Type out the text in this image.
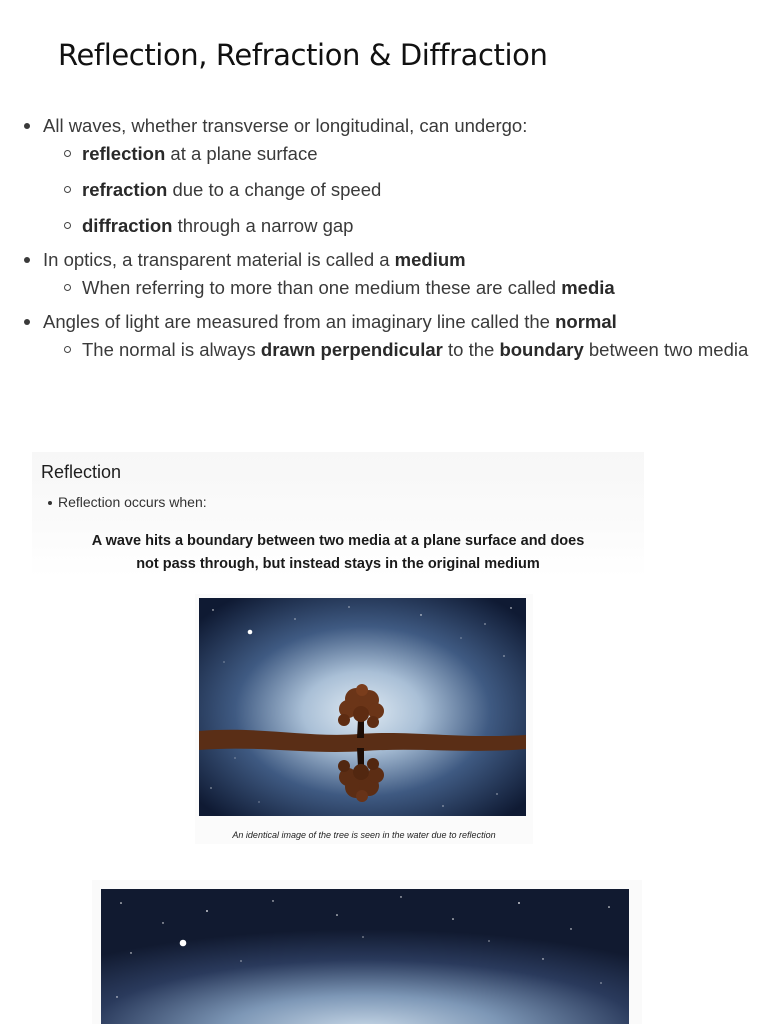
Reflection, Refraction & Diffraction
All waves, whether transverse or longitudinal, can undergo:
reflection at a plane surface
refraction due to a change of speed
diffraction through a narrow gap
In optics, a transparent material is called a medium
When referring to more than one medium these are called media
Angles of light are measured from an imaginary line called the normal
The normal is always drawn perpendicular to the boundary between two media
Reflection
Reflection occurs when:
A wave hits a boundary between two media at a plane surface and does
not pass through, but instead stays in the original medium
An identical image of the tree is seen in the water due to reflection
